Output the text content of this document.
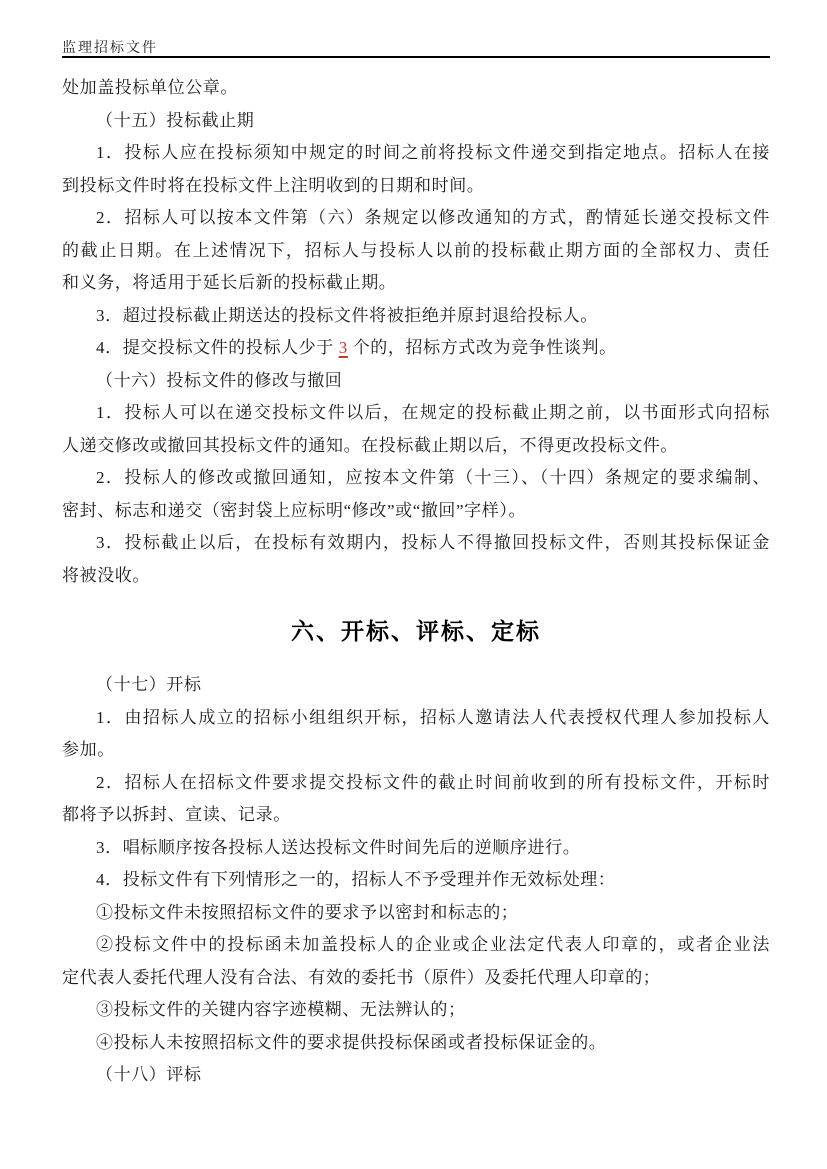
监理招标文件
处加盖投标单位公章。
（十五）投标截止期
1．投标人应在投标须知中规定的时间之前将投标文件递交到指定地点。招标人在接
到投标文件时将在投标文件上注明收到的日期和时间。
2．招标人可以按本文件第（六）条规定以修改通知的方式，酌情延长递交投标文件
的截止日期。在上述情况下，招标人与投标人以前的投标截止期方面的全部权力、责任
和义务，将适用于延长后新的投标截止期。
3．超过投标截止期送达的投标文件将被拒绝并原封退给投标人。
4．提交投标文件的投标人少于 3 个的，招标方式改为竞争性谈判。
（十六）投标文件的修改与撤回
1．投标人可以在递交投标文件以后，在规定的投标截止期之前，以书面形式向招标
人递交修改或撤回其投标文件的通知。在投标截止期以后，不得更改投标文件。
2．投标人的修改或撤回通知，应按本文件第（十三）、（十四）条规定的要求编制、
密封、标志和递交（密封袋上应标明“修改”或“撤回”字样）。
3．投标截止以后，在投标有效期内，投标人不得撤回投标文件，否则其投标保证金
将被没收。
六、开标、评标、定标
（十七）开标
1．由招标人成立的招标小组组织开标，招标人邀请法人代表授权代理人参加投标人
参加。
2．招标人在招标文件要求提交投标文件的截止时间前收到的所有投标文件，开标时
都将予以拆封、宣读、记录。
3．唱标顺序按各投标人送达投标文件时间先后的逆顺序进行。
4．投标文件有下列情形之一的，招标人不予受理并作无效标处理：
①投标文件未按照招标文件的要求予以密封和标志的；
②投标文件中的投标函未加盖投标人的企业或企业法定代表人印章的，或者企业法
定代表人委托代理人没有合法、有效的委托书（原件）及委托代理人印章的；
③投标文件的关键内容字迹模糊、无法辨认的；
④投标人未按照招标文件的要求提供投标保函或者投标保证金的。
（十八）评标
